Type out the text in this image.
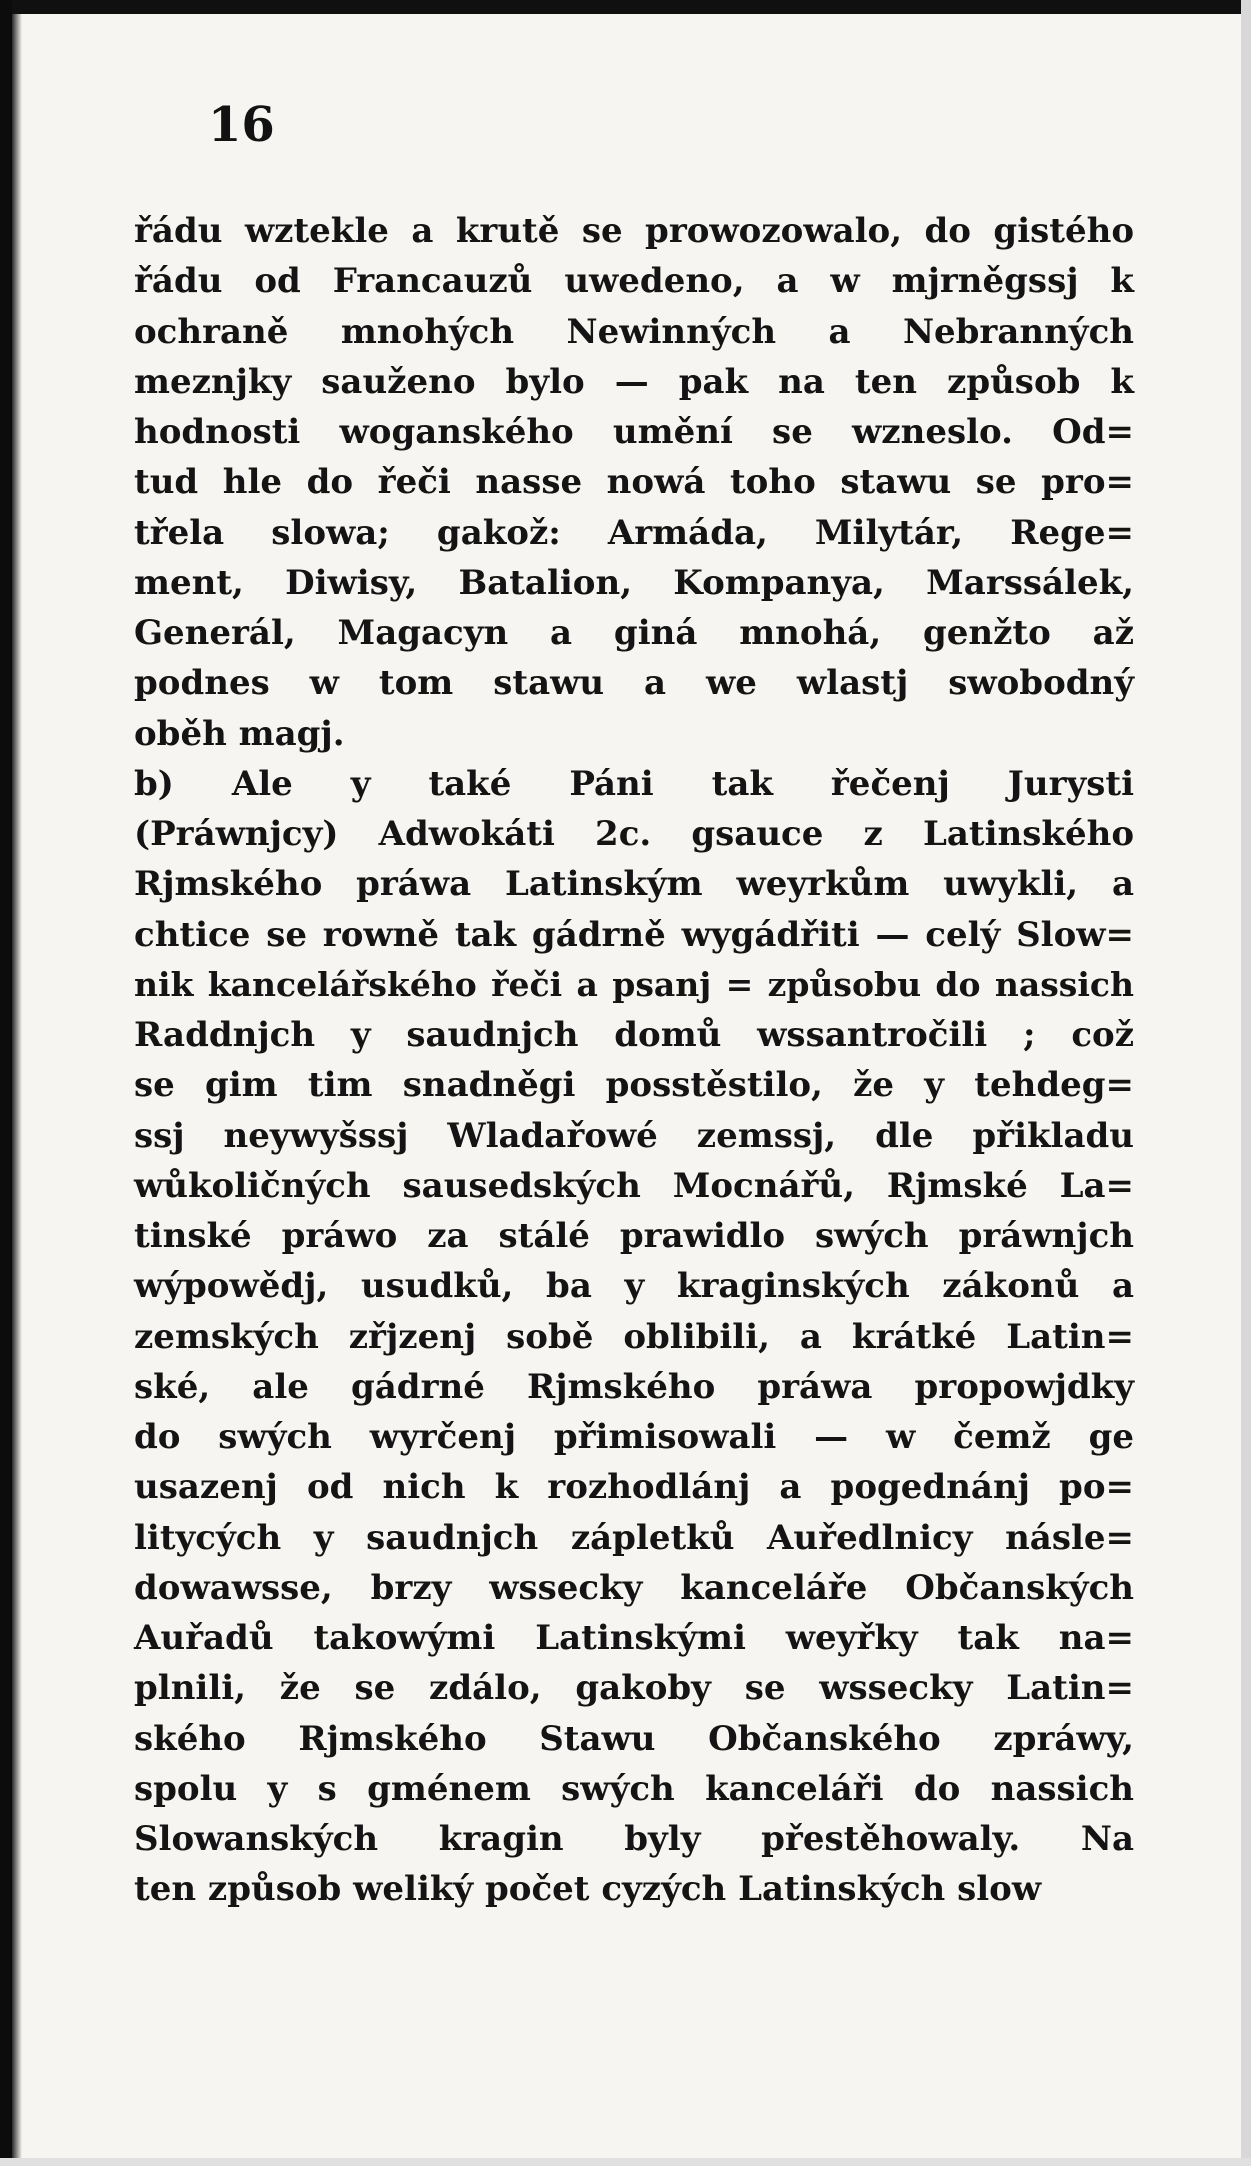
16
řádu wztekle a krutě se prowozowalo, do gistého
řádu od Francauzů uwedeno, a w mjrněgssj k
ochraně mnohých Newinných a Nebranných
meznjky sauženo bylo — pak na ten způsob k
hodnosti woganského umění se wzneslo. Od=
tud hle do řeči nasse nowá toho stawu se pro=
třela slowa; gakož: Armáda, Milytár, Rege=
ment, Diwisy, Batalion, Kompanya, Marssálek,
Generál, Magacyn a giná mnohá, genžto až
podnes w tom stawu a we wlastj swobodný
oběh magj.
b) Ale y také Páni tak řečenj Jurysti
(Práwnjcy) Adwokáti 2c. gsauce z Latinského
Rjmského práwa Latinským weyrkům uwykli, a
chtice se rowně tak gádrně wygádřiti — celý Slow=
nik kancelářského řeči a psanj = způsobu do nassich
Raddnjch y saudnjch domů wssantročili ; což
se gim tim snadněgi posstěstilo, že y tehdeg=
ssj neywyšssj Wladařowé zemssj, dle přikladu
wůkoličných sausedských Mocnářů, Rjmské La=
tinské práwo za stálé prawidlo swých práwnjch
wýpowědj, usudků, ba y kraginských zákonů a
zemských zřjzenj sobě oblibili, a krátké Latin=
ské, ale gádrné Rjmského práwa propowjdky
do swých wyrčenj přimisowali — w čemž ge
usazenj od nich k rozhodlánj a pogednánj po=
litycých y saudnjch zápletků Auředlnicy násle=
dowawsse, brzy wssecky kanceláře Občanských
Auřadů takowými Latinskými weyřky tak na=
plnili, že se zdálo, gakoby se wssecky Latin=
ského Rjmského Stawu Občanského zpráwy,
spolu y s gménem swých kanceláři do nassich
Slowanských kragin byly přestěhowaly. Na
ten způsob weliký počet cyzých Latinských slow
